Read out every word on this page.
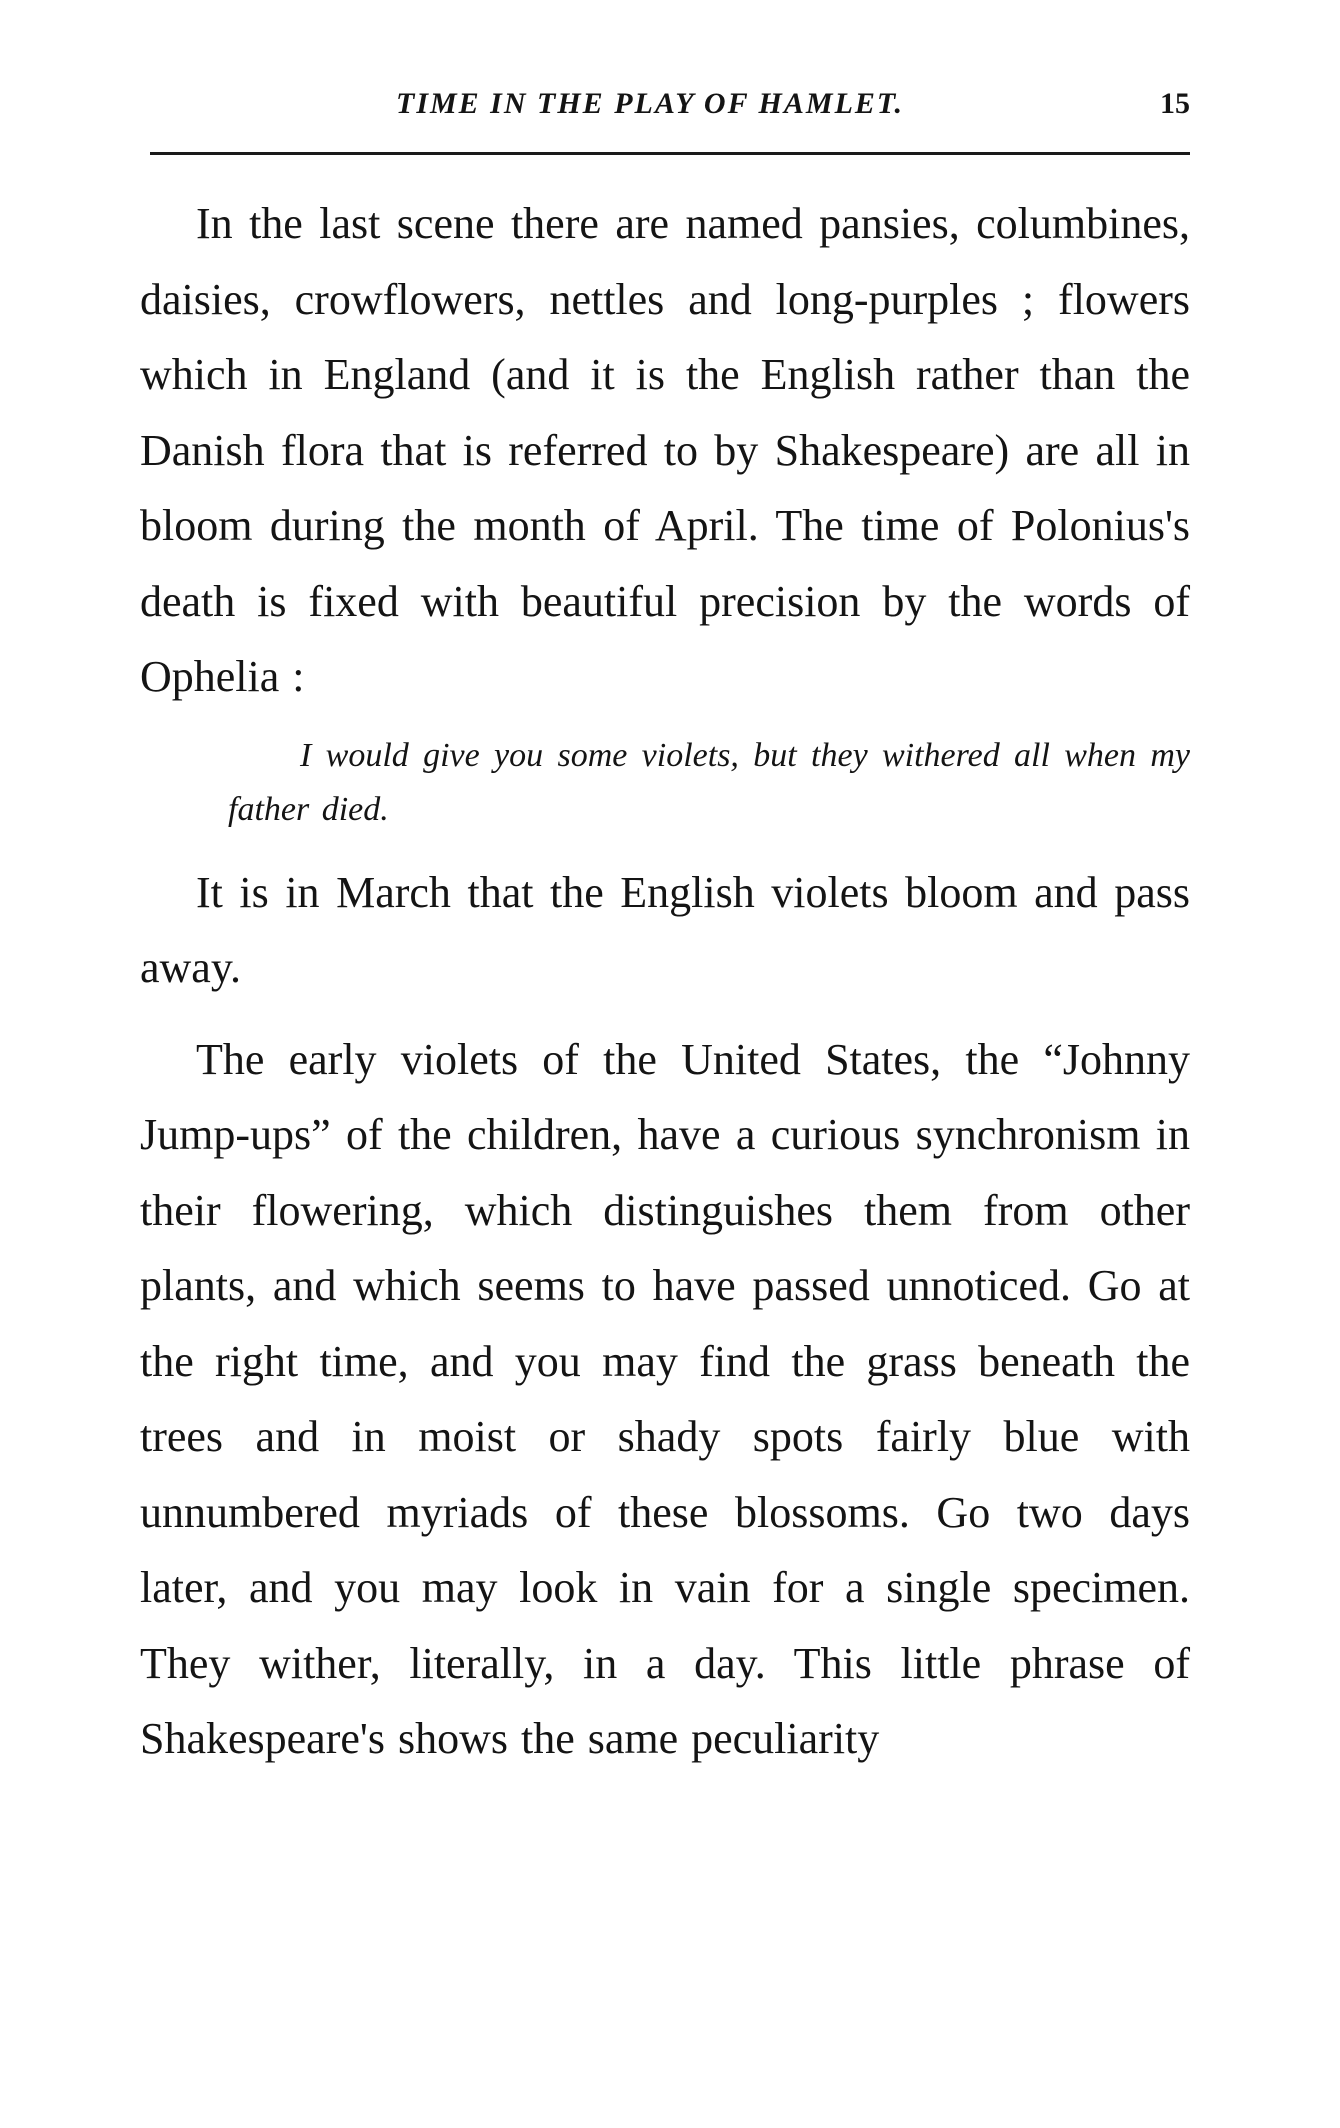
TIME IN THE PLAY OF HAMLET.	15

In the last scene there are named pansies, columbines, daisies, crowflowers, nettles and long-purples ; flowers which in England (and it is the English rather than the Danish flora that is referred to by Shakespeare) are all in bloom during the month of April. The time of Polonius's death is fixed with beautiful precision by the words of Ophelia :

I would give you some violets, but they withered all when my father died.

It is in March that the English violets bloom and pass away.

The early violets of the United States, the “Johnny Jump-ups” of the children, have a curious synchronism in their flowering, which distinguishes them from other plants, and which seems to have passed unnoticed. Go at the right time, and you may find the grass beneath the trees and in moist or shady spots fairly blue with unnumbered myriads of these blossoms. Go two days later, and you may look in vain for a single specimen. They wither, literally, in a day. This little phrase of Shakespeare's shows the same peculiarity
